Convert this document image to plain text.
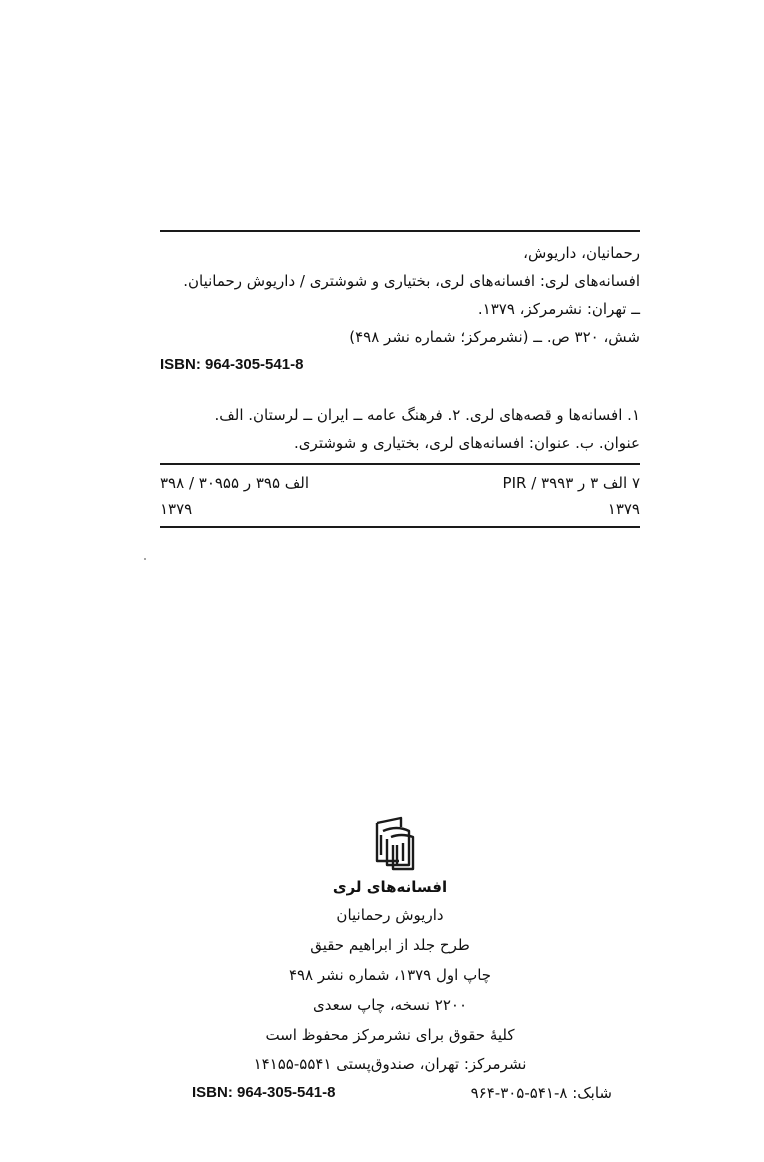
رحمانیان، داریوش،
افسانه‌های لری: افسانه‌های لری، بختیاری و شوشتری / داریوش رحمانیان.
ــ تهران: نشرمرکز، ۱۳۷۹.
شش، ۳۲۰ ص. ــ (نشرمرکز؛ شماره نشر ۴۹۸)
ISBN: 964-305-541-8
۱. افسانه‌ها و قصه‌های لری. ۲. فرهنگ عامه ــ ایران ــ لرستان. الف.
عنوان. ب. عنوان: افسانه‌های لری، بختیاری و شوشتری.
۷ الف ۳ ر ۳۹۹۳ / PIR
۱۳۷۹
الف ۳۹۵ ر ۳۰۹۵۵ / ۳۹۸
۱۳۷۹
افسانه‌های لری
داریوش رحمانیان
طرح جلد از ابراهیم حقیق
چاپ اول ۱۳۷۹، شماره نشر ۴۹۸
۲۲۰۰ نسخه، چاپ سعدی
کلیهٔ حقوق برای نشرمرکز محفوظ است
نشرمرکز: تهران، صندوق‌پستی ۵۵۴۱-۱۴۱۵۵
ISBN: 964-305-541-8	شابک: ۸-۵۴۱-۳۰۵-۹۶۴
